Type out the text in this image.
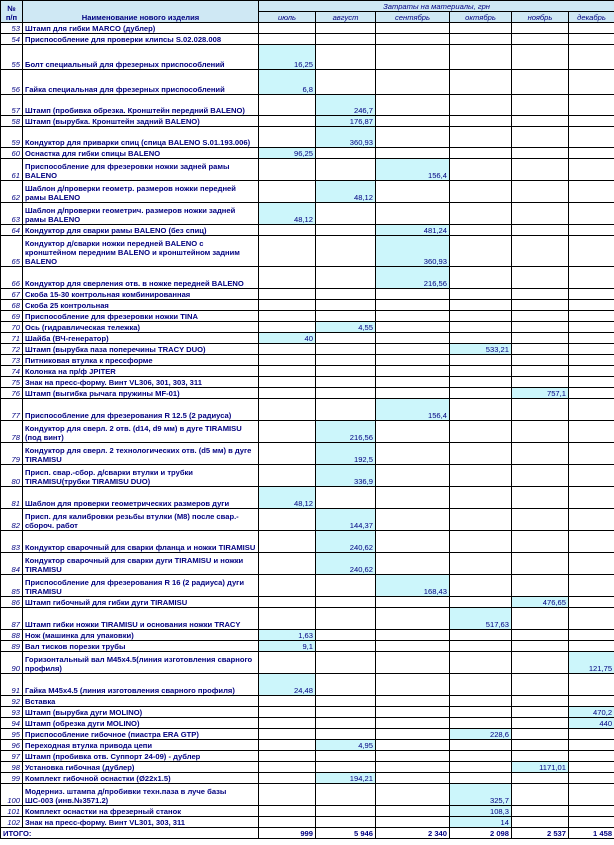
№ п/п	Наименование нового изделия	Затраты на материалы, грн					
		июль	август	сентябрь	октябрь	ноябрь	декабрь
53	Штамп для гибки MARCO (дублер)						
54	Приспособление для проверки клипсы S.02.028.008						
55	Болт специальный для фрезерных приспособлений	16,25					
56	Гайка специальная для фрезерных приспособлений	6,8					
57	Штамп (пробивка обрезка. Кронштейн передний BALENO)		246,7				
58	Штамп (вырубка. Кронштейн задний BALENO)		176,87				
59	Кондуктор для приварки спиц (спица BALENO S.01.193.006)		360,93				
60	Оснастка для гибки спицы BALENO	96,25					
61	Приспособление для фрезеровки ножки задней рамы BALENO			156,4			
62	Шаблон д/проверки геометр. размеров ножки передней рамы BALENO		48,12				
63	Шаблон д/проверки геометрич. размеров ножки задней рамы BALENO	48,12					
64	Кондуктор для сварки рамы BALENO (без спиц)			481,24			
65	Кондуктор д/сварки ножки передней BALENO с кронштейном передним BALENO и кронштейном задним BALENO			360,93			
66	Кондуктор для сверления отв. в ножке передней BALENO			216,56			
67	Скоба 15-30 контрольная комбинированная						
68	Скоба 25 контрольная						
69	Приспособление для фрезеровки ножки TINA						
70	Ось (гидравлическая тележка)		4,55				
71	Шайба (ВЧ-генератор)	40					
72	Штамп (вырубка паза поперечины TRACY DUO)				533,21		
73	Питниковая втулка к прессформе						
74	Колонка на пр/ф JPITER						
75	Знак на пресс-форму. Винт VL306, 301, 303, 311						
76	Штамп (выгибка рычага пружины MF-01)					757,1	
77	Приспособление для фрезерования R 12.5 (2 радиуса)			156,4			
78	Кондуктор для сверл. 2 отв. (d14, d9 мм) в дуге TIRAMISU (под винт)		216,56				
79	Кондуктор для сверл. 2 технологических отв. (d5 мм) в дуге TIRAMISU		192,5				
80	Присп. свар.-сбор. д/сварки втулки и трубки TIRAMISU(трубки TIRAMISU DUO)		336,9				
81	Шаблон для проверки геометрических размеров дуги	48,12					
82	Присп. для калибровки резьбы втулки (M8) после свар.-сбороч. работ		144,37				
83	Кондуктор сварочный для сварки фланца и ножки TIRAMISU		240,62				
84	Кондуктор сварочный для сварки дуги TIRAMISU и ножки TIRAMISU		240,62				
85	Приспособление для фрезерования R 16 (2 радиуса) дуги TIRAMISU			168,43			
86	Штамп гибочный для гибки дуги TIRAMISU					476,65	
87	Штамп гибки ножки TIRAMISU и основания ножки TRACY				517,63		
88	Нож (машинка для упаковки)	1,63					
89	Вал тисков порезки трубы	9,1					
90	Горизонтальный вал М45x4.5(линия изготовления сварного профиля)						121,75
91	Гайка М45x4.5 (линия изготовления сварного профиля)	24,48					
92	Вставка						
93	Штамп (вырубка дуги MOLINO)						470,2
94	Штамп (обрезка дуги MOLINO)						440
95	Приспособление гибочное (пиастра ERA GTP)				228,6		
96	Переходная втулка привода цепи		4,95				
97	Штамп (пробивка отв. Суппорт 24-09) - дублер						
98	Установка гибочная (дублер)					1171,01	
99	Комплект гибочной оснастки (Ø22x1.5)		194,21				
100	Модерниз. штампа д/пробивки техн.паза в луче базы ШС-003 (инв.№3571.2)				325,7		
101	Комплект оснастки на фрезерный станок				108,3		
102	Знак на пресс-форму. Винт VL301, 303, 311				14		
ИТОГО:		999	5 946	2 340	2 098	2 537	1 458
